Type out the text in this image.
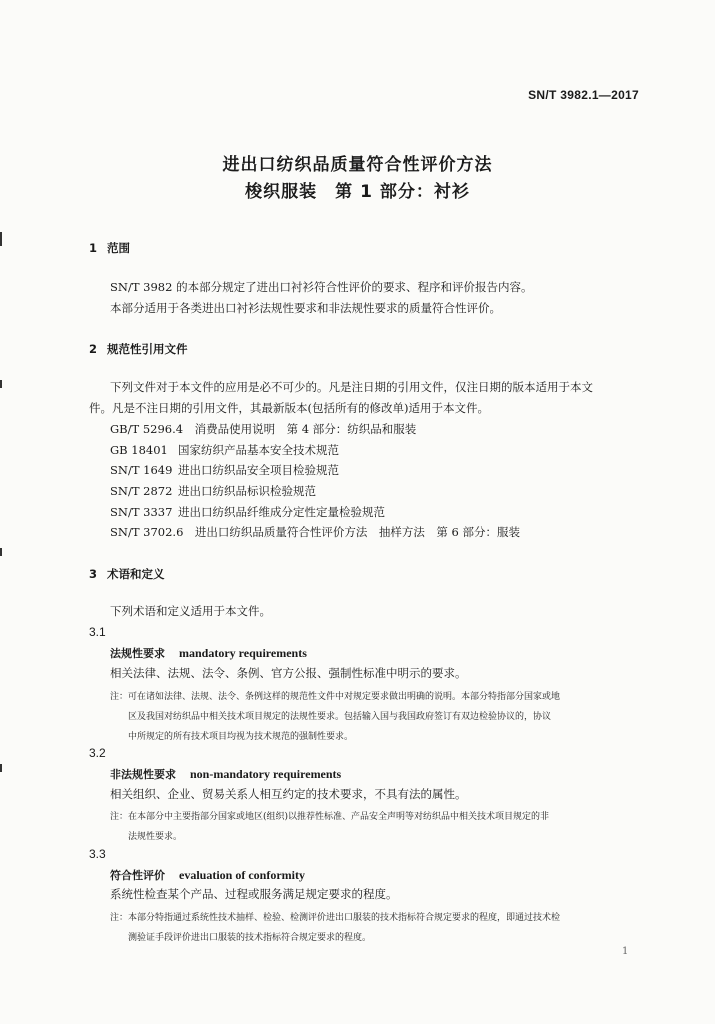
SN/T 3982.1—2017
进出口纺织品质量符合性评价方法
梭织服装　第 1 部分：衬衫
1 范围
SN/T 3982 的本部分规定了进出口衬衫符合性评价的要求、程序和评价报告内容。
本部分适用于各类进出口衬衫法规性要求和非法规性要求的质量符合性评价。
2 规范性引用文件
下列文件对于本文件的应用是必不可少的。凡是注日期的引用文件，仅注日期的版本适用于本文
件。凡是不注日期的引用文件，其最新版本(包括所有的修改单)适用于本文件。
GB/T 5296.4　 消费品使用说明　第 4 部分：纺织品和服装
GB 18401 国家纺织产品基本安全技术规范
SN/T 1649 进出口纺织品安全项目检验规范
SN/T 2872 进出口纺织品标识检验规范
SN/T 3337 进出口纺织品纤维成分定性定量检验规范
SN/T 3702.6　 进出口纺织品质量符合性评价方法　抽样方法　第 6 部分：服装
3 术语和定义
下列术语和定义适用于本文件。
3.1
法规性要求 mandatory requirements
相关法律、法规、法令、条例、官方公报、强制性标准中明示的要求。
注：可在诸如法律、法规、法令、条例这样的规范性文件中对规定要求做出明确的说明。本部分特指部分国家或地
区及我国对纺织品中相关技术项目规定的法规性要求。包括输入国与我国政府签订有双边检验协议的，协议
中所规定的所有技术项目均视为技术规范的强制性要求。
3.2
非法规性要求 non-mandatory requirements
相关组织、企业、贸易关系人相互约定的技术要求，不具有法的属性。
注：在本部分中主要指部分国家或地区(组织)以推荐性标准、产品安全声明等对纺织品中相关技术项目规定的非
法规性要求。
3.3
符合性评价 evaluation of conformity
系统性检查某个产品、过程或服务满足规定要求的程度。
注：本部分特指通过系统性技术抽样、检验、检测评价进出口服装的技术指标符合规定要求的程度，即通过技术检
测验证手段评价进出口服装的技术指标符合规定要求的程度。
1
